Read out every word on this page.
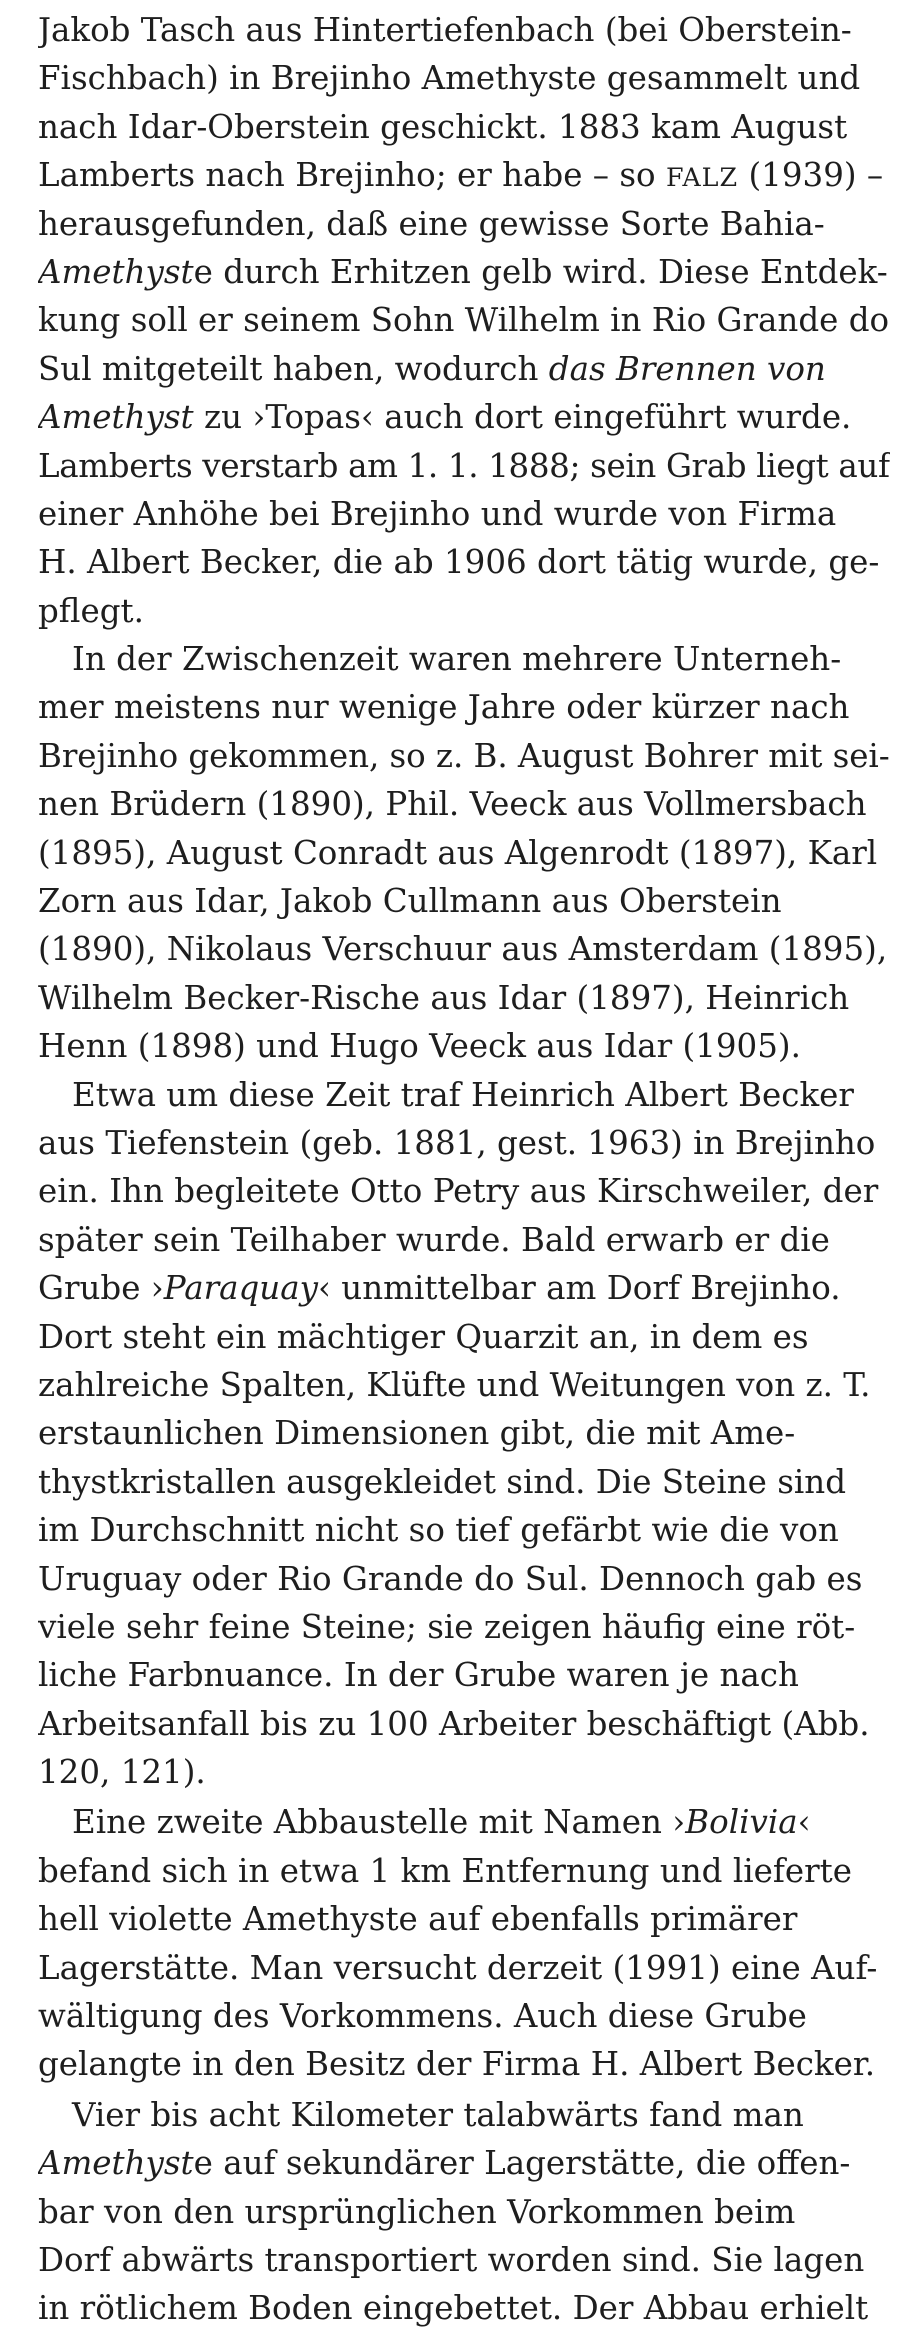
Jakob Tasch aus Hintertiefenbach (bei Oberstein-
Fischbach) in Brejinho Amethyste gesammelt und
nach Idar-Oberstein geschickt. 1883 kam August
Lamberts nach Brejinho; er habe – so FALZ (1939) –
herausgefunden, daß eine gewisse Sorte Bahia-
Amethyste durch Erhitzen gelb wird. Diese Entdek-
kung soll er seinem Sohn Wilhelm in Rio Grande do
Sul mitgeteilt haben, wodurch das Brennen von
Amethyst zu ›Topas‹ auch dort eingeführt wurde.
Lamberts verstarb am 1. 1. 1888; sein Grab liegt auf
einer Anhöhe bei Brejinho und wurde von Firma
H. Albert Becker, die ab 1906 dort tätig wurde, ge-
pflegt.
In der Zwischenzeit waren mehrere Unterneh-
mer meistens nur wenige Jahre oder kürzer nach
Brejinho gekommen, so z. B. August Bohrer mit sei-
nen Brüdern (1890), Phil. Veeck aus Vollmersbach
(1895), August Conradt aus Algenrodt (1897), Karl
Zorn aus Idar, Jakob Cullmann aus Oberstein
(1890), Nikolaus Verschuur aus Amsterdam (1895),
Wilhelm Becker-Rische aus Idar (1897), Heinrich
Henn (1898) und Hugo Veeck aus Idar (1905).
Etwa um diese Zeit traf Heinrich Albert Becker
aus Tiefenstein (geb. 1881, gest. 1963) in Brejinho
ein. Ihn begleitete Otto Petry aus Kirschweiler, der
später sein Teilhaber wurde. Bald erwarb er die
Grube ›Paraquay‹ unmittelbar am Dorf Brejinho.
Dort steht ein mächtiger Quarzit an, in dem es
zahlreiche Spalten, Klüfte und Weitungen von z. T.
erstaunlichen Dimensionen gibt, die mit Ame-
thystkristallen ausgekleidet sind. Die Steine sind
im Durchschnitt nicht so tief gefärbt wie die von
Uruguay oder Rio Grande do Sul. Dennoch gab es
viele sehr feine Steine; sie zeigen häufig eine röt-
liche Farbnuance. In der Grube waren je nach
Arbeitsanfall bis zu 100 Arbeiter beschäftigt (Abb.
120, 121).
Eine zweite Abbaustelle mit Namen ›Bolivia‹
befand sich in etwa 1 km Entfernung und lieferte
hell violette Amethyste auf ebenfalls primärer
Lagerstätte. Man versucht derzeit (1991) eine Auf-
wältigung des Vorkommens. Auch diese Grube
gelangte in den Besitz der Firma H. Albert Becker.
Vier bis acht Kilometer talabwärts fand man
Amethyste auf sekundärer Lagerstätte, die offen-
bar von den ursprünglichen Vorkommen beim
Dorf abwärts transportiert worden sind. Sie lagen
in rötlichem Boden eingebettet. Der Abbau erhielt
